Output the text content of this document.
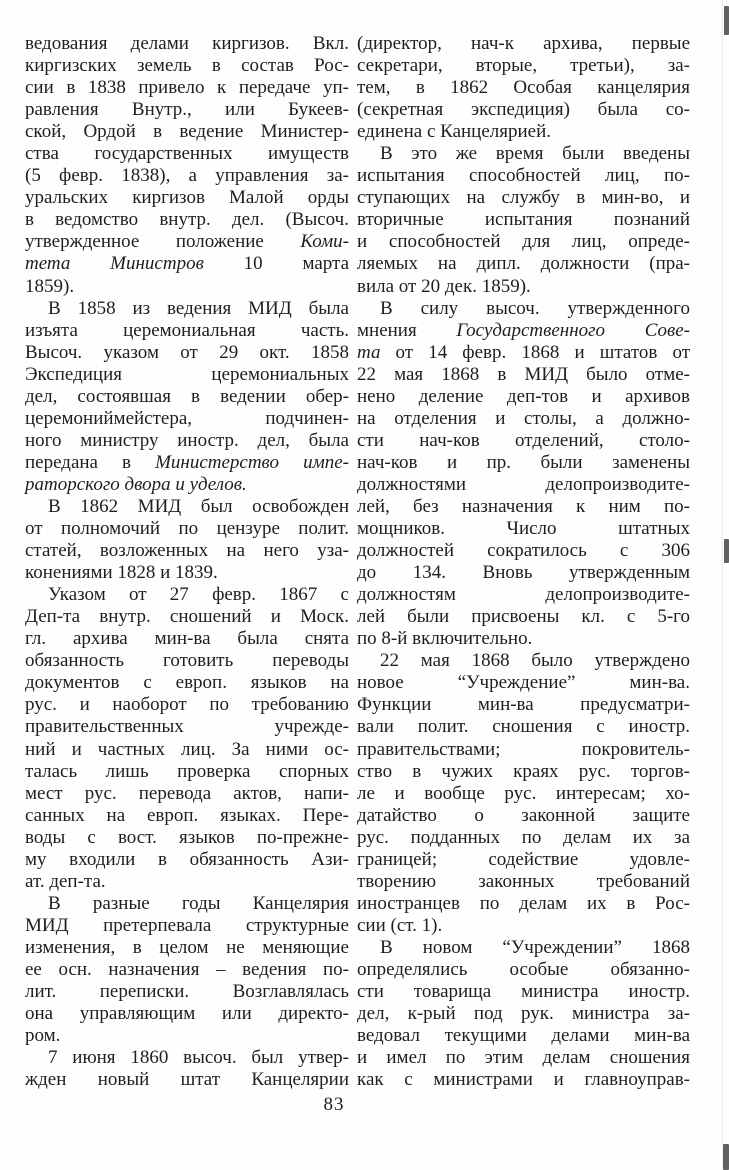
ведования делами киргизов. Вкл.
киргизских земель в состав Рос-
сии в 1838 привело к передаче уп-
равления Внутр., или Букеев-
ской, Ордой в ведение Министер-
ства государственных имуществ
(5 февр. 1838), а управления за-
уральских киргизов Малой орды
в ведомство внутр. дел. (Высоч.
утвержденное положение Коми-
тета Министров 10 марта
1859).
В 1858 из ведения МИД была
изъята церемониальная часть.
Высоч. указом от 29 окт. 1858
Экспедиция церемониальных
дел, состоявшая в ведении обер-
церемониймейстера, подчинен-
ного министру иностр. дел, была
передана в Министерство импе-
раторского двора и уделов.
В 1862 МИД был освобожден
от полномочий по цензуре полит.
статей, возложенных на него уза-
конениями 1828 и 1839.
Указом от 27 февр. 1867 с
Деп-та внутр. сношений и Моск.
гл. архива мин-ва была снята
обязанность готовить переводы
документов с европ. языков на
рус. и наоборот по требованию
правительственных учрежде-
ний и частных лиц. За ними ос-
талась лишь проверка спорных
мест рус. перевода актов, напи-
санных на европ. языках. Пере-
воды с вост. языков по-прежне-
му входили в обязанность Ази-
ат. деп-та.
В разные годы Канцелярия
МИД претерпевала структурные
изменения, в целом не меняющие
ее осн. назначения – ведения по-
лит. переписки. Возглавлялась
она управляющим или директо-
ром.
7 июня 1860 высоч. был утвер-
жден новый штат Канцелярии
(директор, нач-к архива, первые
секретари, вторые, третьи), за-
тем, в 1862 Особая канцелярия
(секретная экспедиция) была со-
единена с Канцелярией.
В это же время были введены
испытания способностей лиц, по-
ступающих на службу в мин-во, и
вторичные испытания познаний
и способностей для лиц, опреде-
ляемых на дипл. должности (пра-
вила от 20 дек. 1859).
В силу высоч. утвержденного
мнения Государственного Сове-
та от 14 февр. 1868 и штатов от
22 мая 1868 в МИД было отме-
нено деление деп-тов и архивов
на отделения и столы, а должно-
сти нач-ков отделений, столо-
нач-ков и пр. были заменены
должностями делопроизводите-
лей, без назначения к ним по-
мощников. Число штатных
должностей сократилось с 306
до 134. Вновь утвержденным
должностям делопроизводите-
лей были присвоены кл. с 5-го
по 8-й включительно.
22 мая 1868 было утверждено
новое “Учреждение” мин-ва.
Функции мин-ва предусматри-
вали полит. сношения с иностр.
правительствами; покровитель-
ство в чужих краях рус. торгов-
ле и вообще рус. интересам; хо-
датайство о законной защите
рус. подданных по делам их за
границей; содействие удовле-
творению законных требований
иностранцев по делам их в Рос-
сии (ст. 1).
В новом “Учреждении” 1868
определялись особые обязанно-
сти товарища министра иностр.
дел, к-рый под рук. министра за-
ведовал текущими делами мин-ва
и имел по этим делам сношения
как с министрами и главноуправ-
83
